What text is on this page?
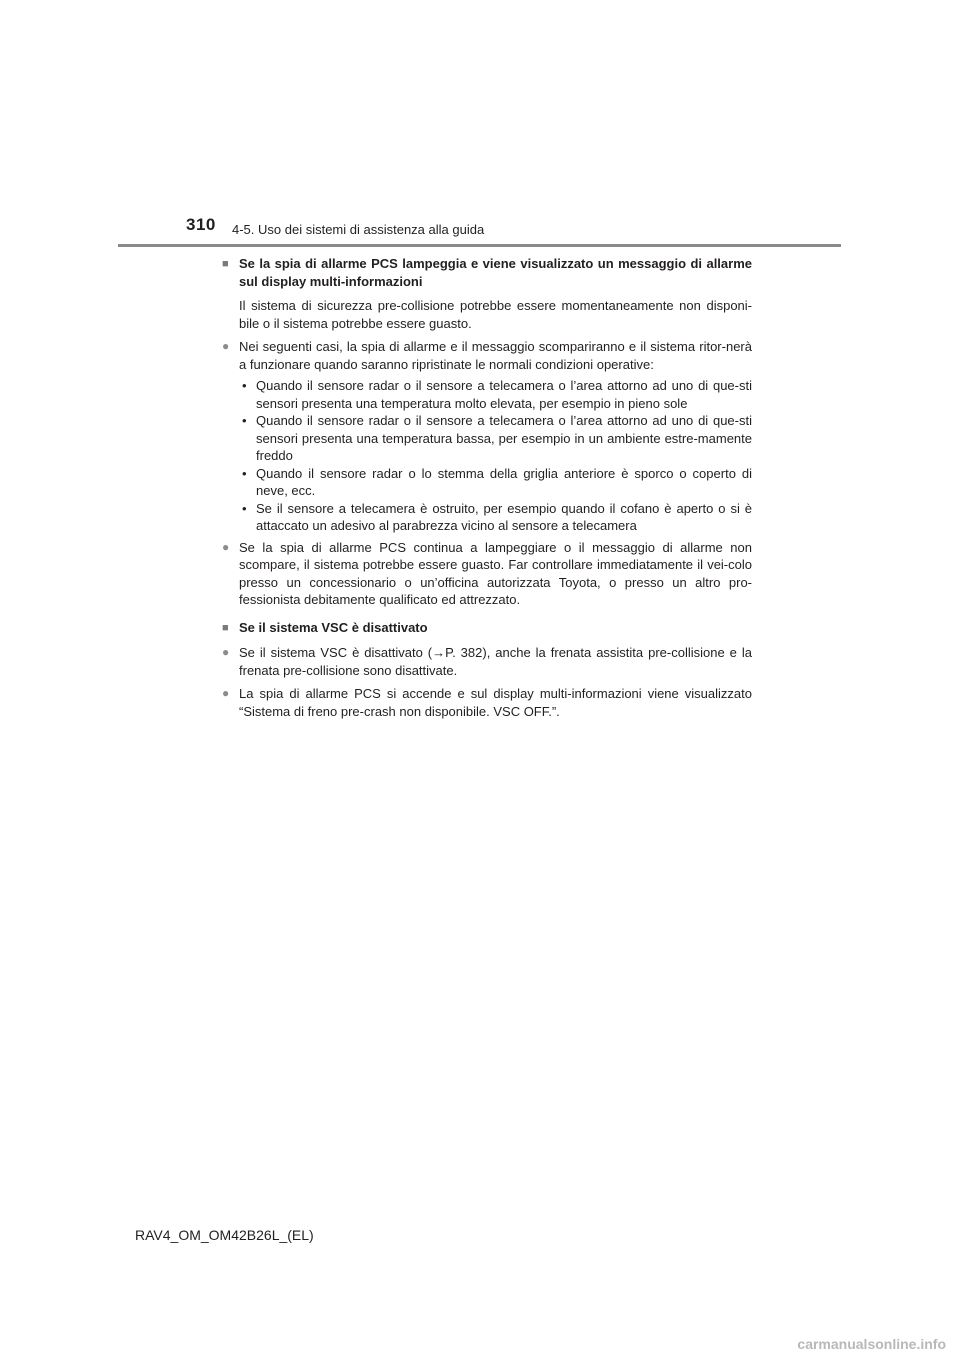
310 4-5. Uso dei sistemi di assistenza alla guida
■ Se la spia di allarme PCS lampeggia e viene visualizzato un messaggio di allarme sul display multi-informazioni
Il sistema di sicurezza pre-collisione potrebbe essere momentaneamente non disponi-bile o il sistema potrebbe essere guasto.
● Nei seguenti casi, la spia di allarme e il messaggio scompariranno e il sistema ritor-nerà a funzionare quando saranno ripristinate le normali condizioni operative:
• Quando il sensore radar o il sensore a telecamera o l’area attorno ad uno di que-sti sensori presenta una temperatura molto elevata, per esempio in pieno sole
• Quando il sensore radar o il sensore a telecamera o l’area attorno ad uno di que-sti sensori presenta una temperatura bassa, per esempio in un ambiente estre-mamente freddo
• Quando il sensore radar o lo stemma della griglia anteriore è sporco o coperto di neve, ecc.
• Se il sensore a telecamera è ostruito, per esempio quando il cofano è aperto o si è attaccato un adesivo al parabrezza vicino al sensore a telecamera
● Se la spia di allarme PCS continua a lampeggiare o il messaggio di allarme non scompare, il sistema potrebbe essere guasto. Far controllare immediatamente il vei-colo presso un concessionario o un’officina autorizzata Toyota, o presso un altro pro-fessionista debitamente qualificato ed attrezzato.
■ Se il sistema VSC è disattivato
● Se il sistema VSC è disattivato (→P. 382), anche la frenata assistita pre-collisione e la frenata pre-collisione sono disattivate.
● La spia di allarme PCS si accende e sul display multi-informazioni viene visualizzato “Sistema di freno pre-crash non disponibile. VSC OFF.”.
RAV4_OM_OM42B26L_(EL)
carmanualsonline.info
